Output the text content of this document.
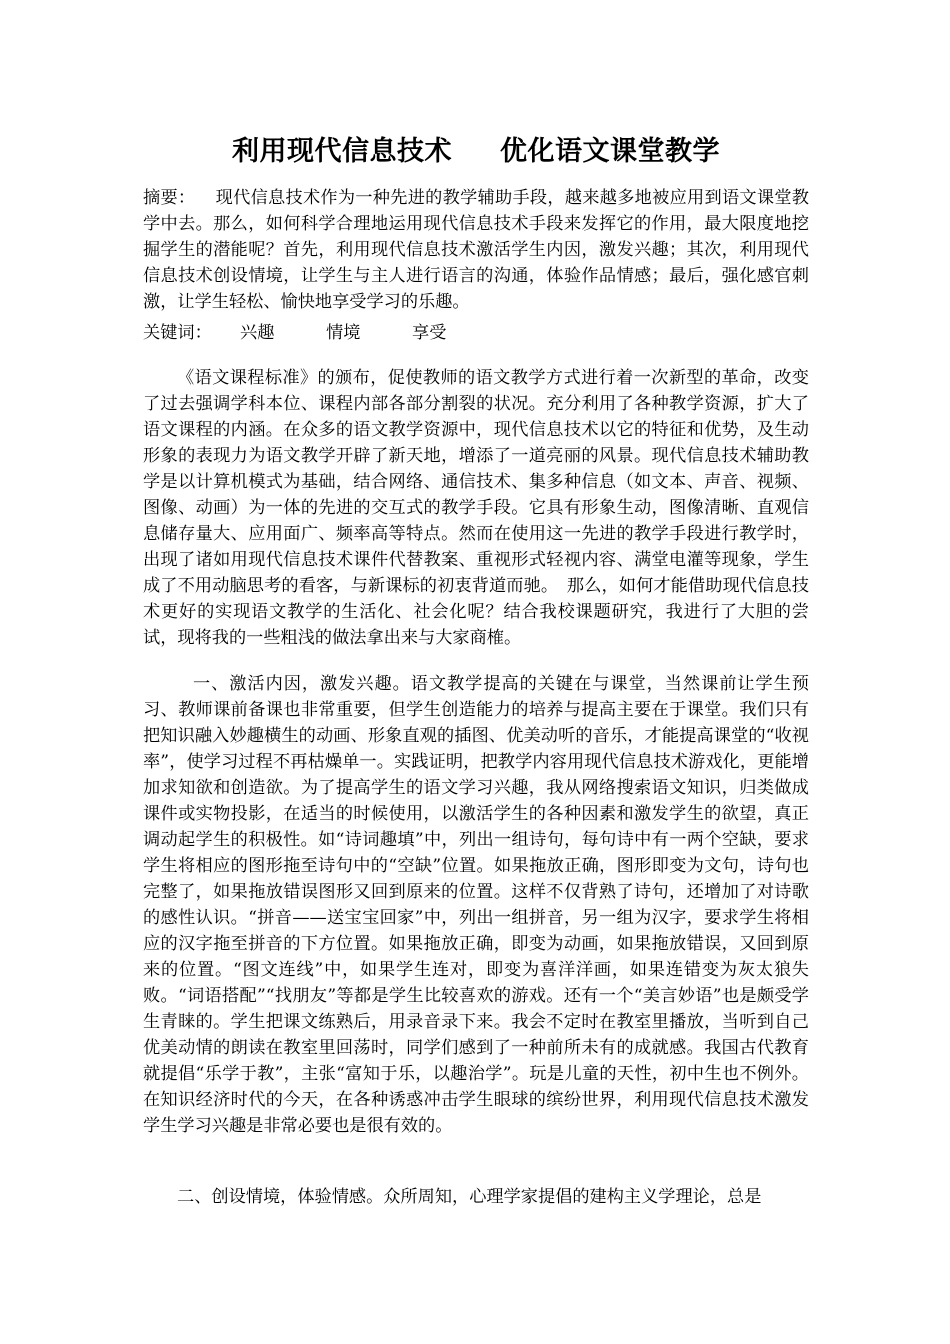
利用现代信息技术 优化语文课堂教学

摘要： 现代信息技术作为一种先进的教学辅助手段，越来越多地被应用到语文课堂教学中去。那么，如何科学合理地运用现代信息技术手段来发挥它的作用，最大限度地挖掘学生的潜能呢？首先，利用现代信息技术激活学生内因，激发兴趣；其次，利用现代信息技术创设情境，让学生与主人进行语言的沟通，体验作品情感；最后，强化感官刺激，让学生轻松、愉快地享受学习的乐趣。

关键词： 兴趣	情境	享受

《语文课程标准》的颁布，促使教师的语文教学方式进行着一次新型的革命，改变了过去强调学科本位、课程内部各部分割裂的状况。充分利用了各种教学资源，扩大了语文课程的内涵。在众多的语文教学资源中，现代信息技术以它的特征和优势，及生动形象的表现力为语文教学开辟了新天地，增添了一道亮丽的风景。现代信息技术辅助教学是以计算机模式为基础，结合网络、通信技术、集多种信息（如文本、声音、视频、图像、动画）为一体的先进的交互式的教学手段。它具有形象生动，图像清晰、直观信息储存量大、应用面广、频率高等特点。然而在使用这一先进的教学手段进行教学时，出现了诸如用现代信息技术课件代替教案、重视形式轻视内容、满堂电灌等现象，学生成了不用动脑思考的看客，与新课标的初衷背道而驰。　那么，如何才能借助现代信息技术更好的实现语文教学的生活化、社会化呢？结合我校课题研究，我进行了大胆的尝试，现将我的一些粗浅的做法拿出来与大家商榷。

一、激活内因，激发兴趣。语文教学提高的关键在与课堂，当然课前让学生预习、教师课前备课也非常重要，但学生创造能力的培养与提高主要在于课堂。我们只有把知识融入妙趣横生的动画、形象直观的插图、优美动听的音乐，才能提高课堂的“收视率”，使学习过程不再枯燥单一。实践证明，把教学内容用现代信息技术游戏化，更能增加求知欲和创造欲。为了提高学生的语文学习兴趣，我从网络搜索语文知识，归类做成课件或实物投影，在适当的时候使用，以激活学生的各种因素和激发学生的欲望，真正调动起学生的积极性。如“诗词趣填”中，列出一组诗句，每句诗中有一两个空缺，要求学生将相应的图形拖至诗句中的“空缺”位置。如果拖放正确，图形即变为文句，诗句也完整了，如果拖放错误图形又回到原来的位置。这样不仅背熟了诗句，还增加了对诗歌的感性认识。“拼音——送宝宝回家”中，列出一组拼音，另一组为汉字，要求学生将相应的汉字拖至拼音的下方位置。如果拖放正确，即变为动画，如果拖放错误，又回到原来的位置。“图文连线”中，如果学生连对，即变为喜洋洋画，如果连错变为灰太狼失败。“词语搭配”“找朋友”等都是学生比较喜欢的游戏。还有一个“美言妙语”也是颇受学生青睐的。学生把课文练熟后，用录音录下来。我会不定时在教室里播放，当听到自己优美动情的朗读在教室里回荡时，同学们感到了一种前所未有的成就感。我国古代教育就提倡“乐学于教”，主张“富知于乐，以趣治学”。玩是儿童的天性，初中生也不例外。在知识经济时代的今天，在各种诱惑冲击学生眼球的缤纷世界，利用现代信息技术激发学生学习兴趣是非常必要也是很有效的。

二、创设情境，体验情感。众所周知，心理学家提倡的建构主义学理论，总是
